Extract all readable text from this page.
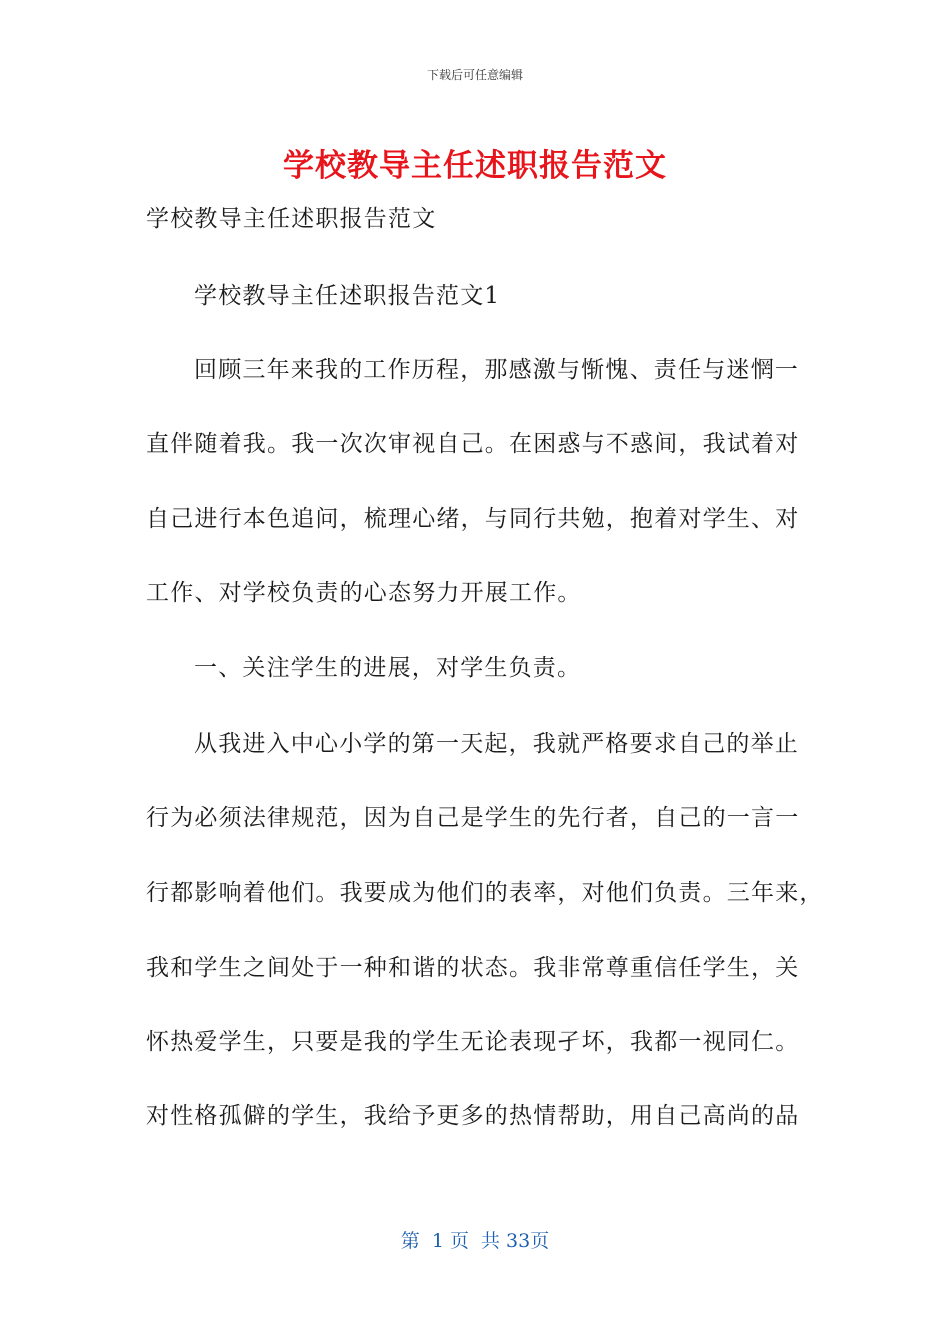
下载后可任意编辑
学校教导主任述职报告范文
学校教导主任述职报告范文
学校教导主任述职报告范文1
回顾三年来我的工作历程，那感激与惭愧、责任与迷惘一
直伴随着我。我一次次审视自己。在困惑与不惑间，我试着对
自己进行本色追问，梳理心绪，与同行共勉，抱着对学生、对
工作、对学校负责的心态努力开展工作。
一、关注学生的进展，对学生负责。
从我进入中心小学的第一天起，我就严格要求自己的举止
行为必须法律规范，因为自己是学生的先行者，自己的一言一
行都影响着他们。我要成为他们的表率，对他们负责。三年来，
我和学生之间处于一种和谐的状态。我非常尊重信任学生，关
怀热爱学生，只要是我的学生无论表现孑坏，我都一视同仁。
对性格孤僻的学生，我给予更多的热情帮助，用自己高尚的品
第  1 页  共 33页
